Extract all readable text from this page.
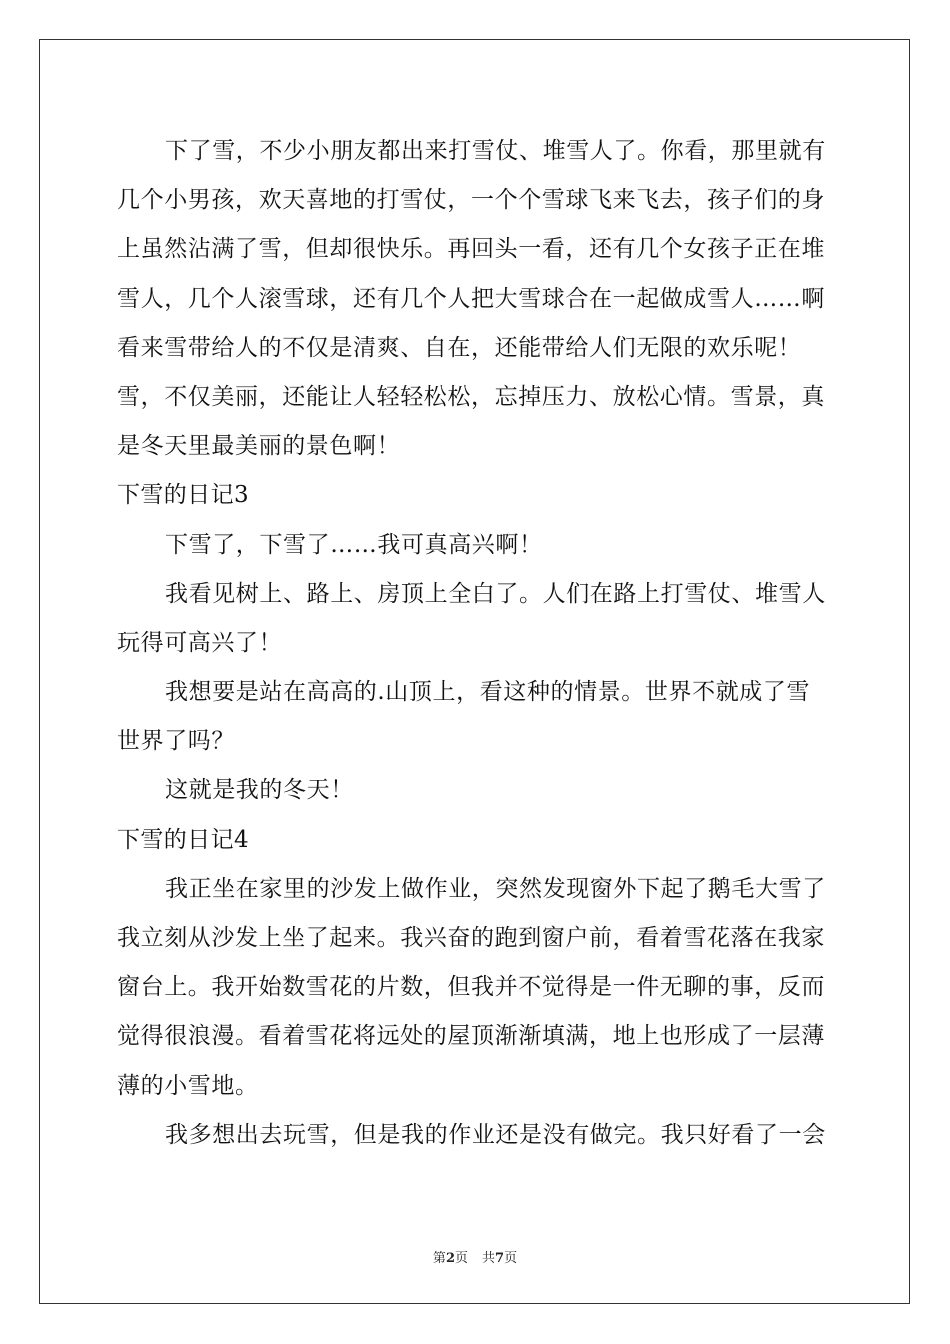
下了雪，不少小朋友都出来打雪仗、堆雪人了。你看，那里就有
几个小男孩，欢天喜地的打雪仗，一个个雪球飞来飞去，孩子们的身
上虽然沾满了雪，但却很快乐。再回头一看，还有几个女孩子正在堆
雪人，几个人滚雪球，还有几个人把大雪球合在一起做成雪人……啊
看来雪带给人的不仅是清爽、自在，还能带给人们无限的欢乐呢！
雪，不仅美丽，还能让人轻轻松松，忘掉压力、放松心情。雪景，真
是冬天里最美丽的景色啊！
下雪的日记3
下雪了，下雪了……我可真高兴啊！
我看见树上、路上、房顶上全白了。人们在路上打雪仗、堆雪人
玩得可高兴了！
我想要是站在高高的.山顶上，看这种的情景。世界不就成了雪
世界了吗？
这就是我的冬天！
下雪的日记4
我正坐在家里的沙发上做作业，突然发现窗外下起了鹅毛大雪了
我立刻从沙发上坐了起来。我兴奋的跑到窗户前，看着雪花落在我家
窗台上。我开始数雪花的片数，但我并不觉得是一件无聊的事，反而
觉得很浪漫。看着雪花将远处的屋顶渐渐填满，地上也形成了一层薄
薄的小雪地。
我多想出去玩雪，但是我的作业还是没有做完。我只好看了一会
第2页 共7页
